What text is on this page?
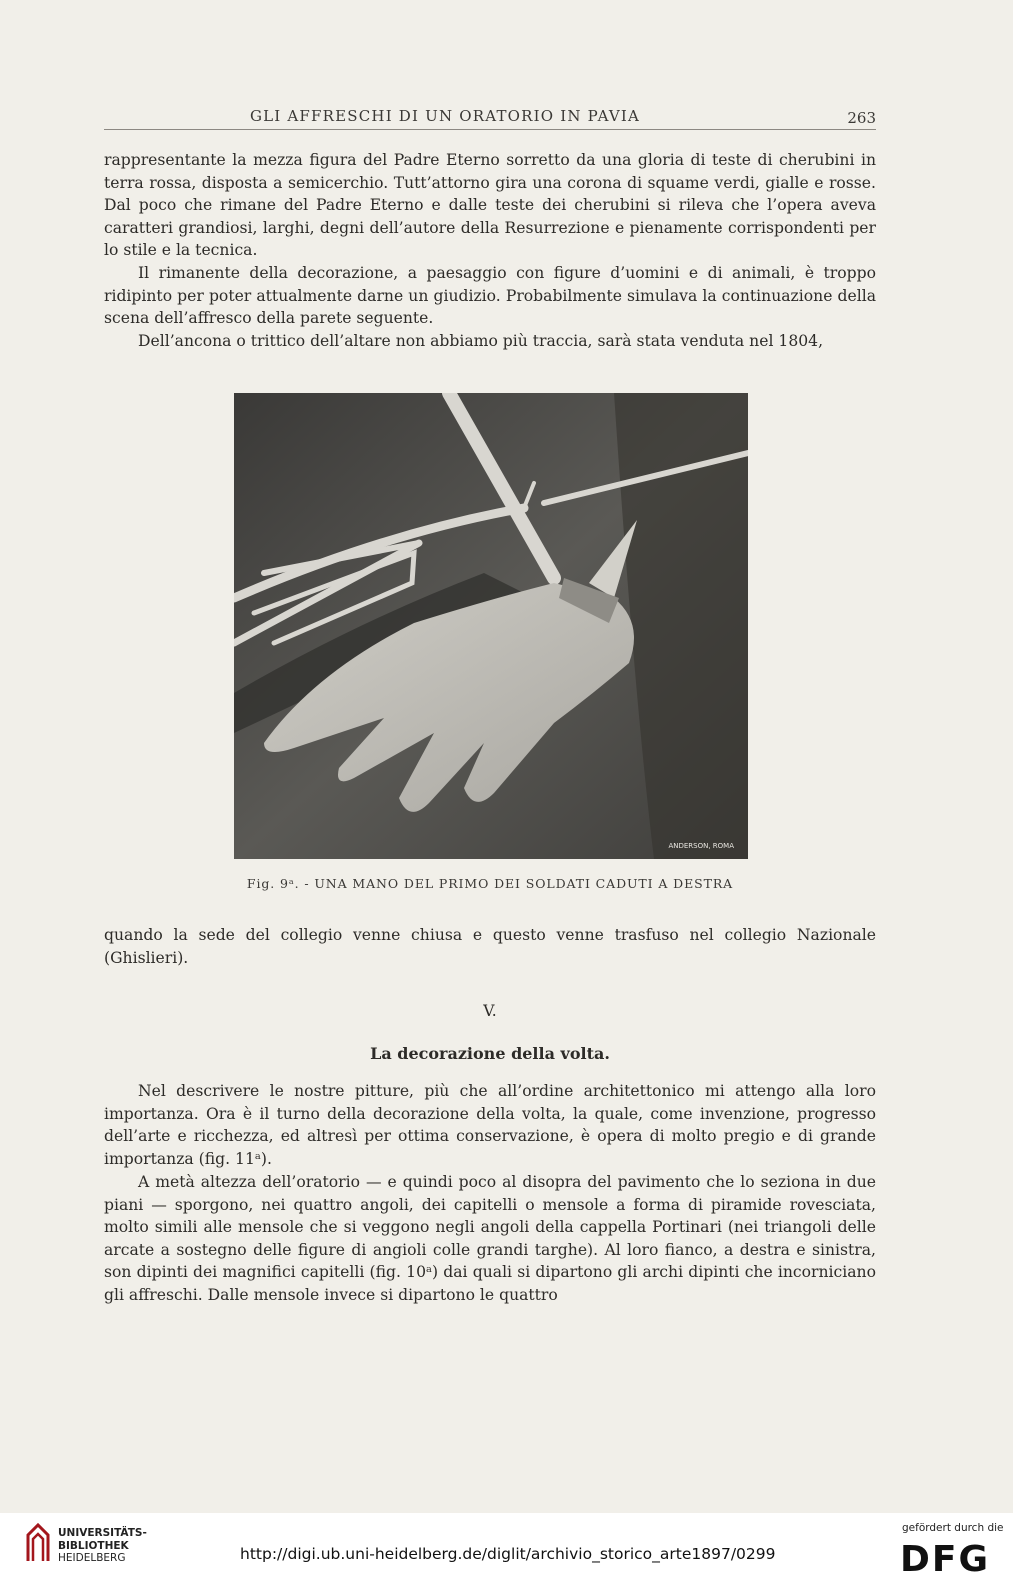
GLI AFFRESCHI DI UN ORATORIO IN PAVIA	263

rappresentante la mezza figura del Padre Eterno sorretto da una gloria di teste di cherubini in terra rossa, disposta a semicerchio. Tutt’attorno gira una corona di squame verdi, gialle e rosse. Dal poco che rimane del Padre Eterno e dalle teste dei cherubini si rileva che l’opera aveva caratteri grandiosi, larghi, degni dell’autore della Resurrezione e pienamente corrispondenti per lo stile e la tecnica.

Il rimanente della decorazione, a paesaggio con figure d’uomini e di animali, è troppo ridipinto per poter attualmente darne un giudizio. Probabilmente simulava la continuazione della scena dell’affresco della parete seguente.

Dell’ancona o trittico dell’altare non abbiamo più traccia, sarà stata venduta nel 1804,

ANDERSON, ROMA
Fig. 9ᵃ. - UNA MANO DEL PRIMO DEI SOLDATI CADUTI A DESTRA

quando la sede del collegio venne chiusa e questo venne trasfuso nel collegio Nazionale (Ghislieri).

V.
La decorazione della volta.

Nel descrivere le nostre pitture, più che all’ordine architettonico mi attengo alla loro importanza. Ora è il turno della decorazione della volta, la quale, come invenzione, progresso dell’arte e ricchezza, ed altresì per ottima conservazione, è opera di molto pregio e di grande importanza (fig. 11ᵃ).

A metà altezza dell’oratorio — e quindi poco al disopra del pavimento che lo seziona in due piani — sporgono, nei quattro angoli, dei capitelli o mensole a forma di piramide rovesciata, molto simili alle mensole che si veggono negli angoli della cappella Portinari (nei triangoli delle arcate a sostegno delle figure di angioli colle grandi targhe). Al loro fianco, a destra e sinistra, son dipinti dei magnifici capitelli (fig. 10ᵃ) dai quali si dipartono gli archi dipinti che incorniciano gli affreschi. Dalle mensole invece si dipartono le quattro

UNIVERSITÄTS-
BIBLIOTHEK
HEIDELBERG	http://digi.ub.uni-heidelberg.de/diglit/archivio_storico_arte1897/0299
gefördert durch die
DFG
